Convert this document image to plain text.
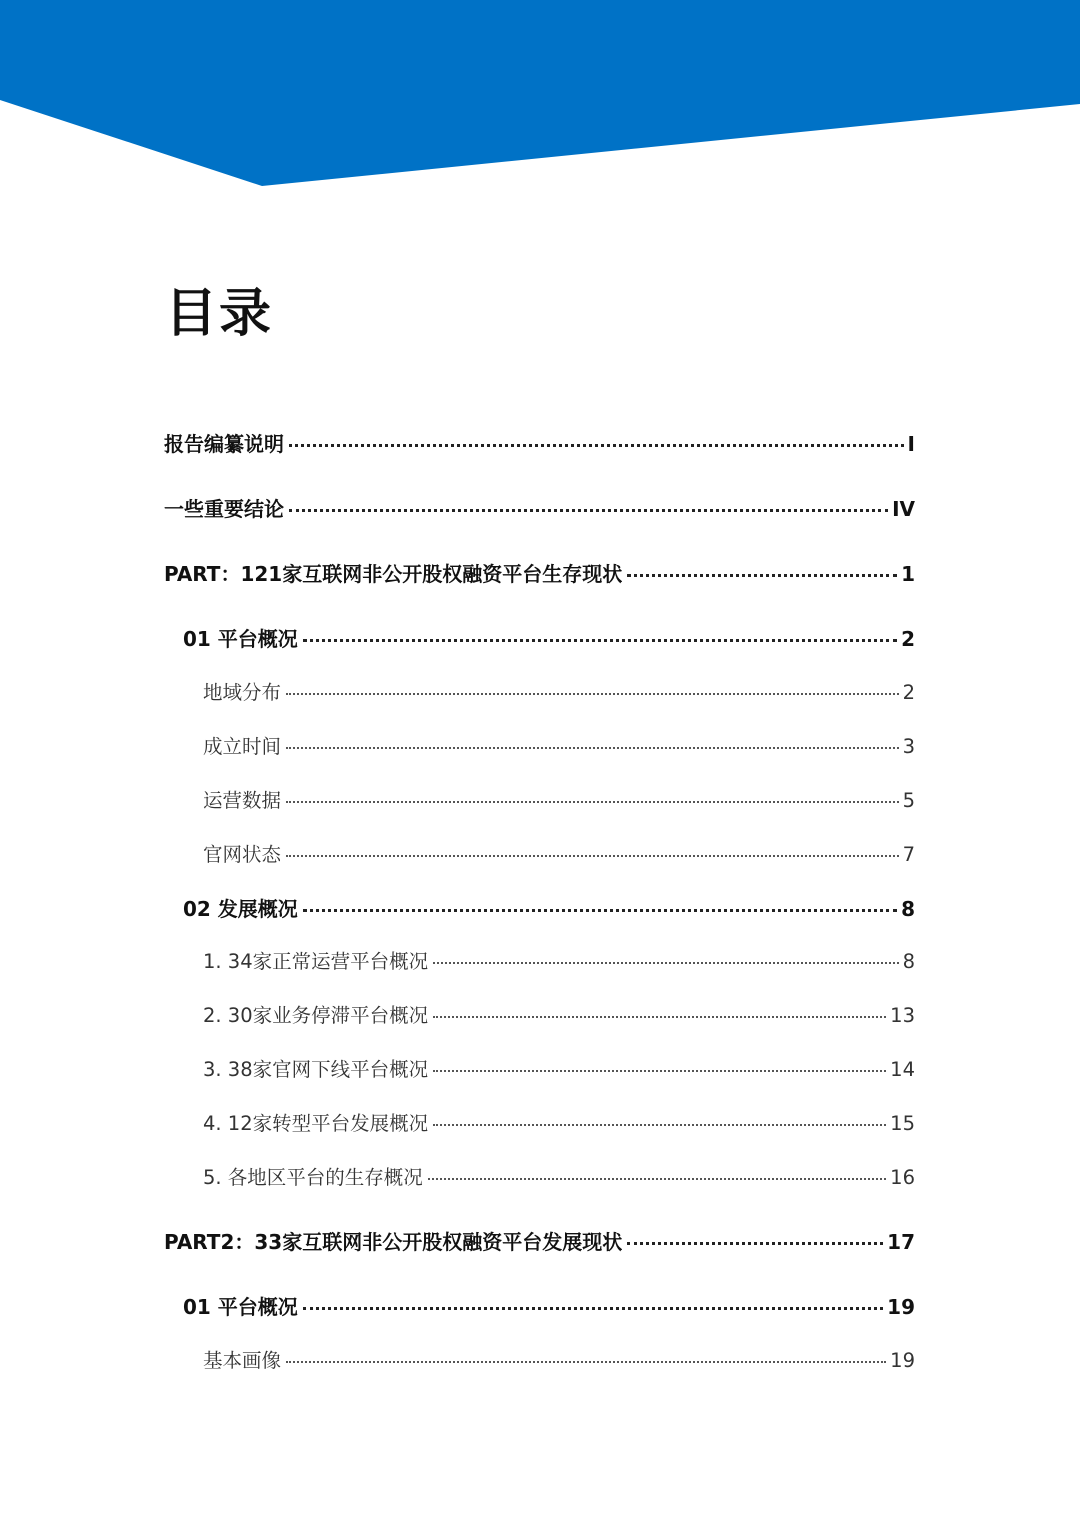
目录
报告编纂说明	I
一些重要结论	IV
PART：121家互联网非公开股权融资平台生存现状	1
01 平台概况	2
地域分布	2
成立时间	3
运营数据	5
官网状态	7
02 发展概况	8
1. 34家正常运营平台概况	8
2. 30家业务停滞平台概况	13
3. 38家官网下线平台概况	14
4. 12家转型平台发展概况	15
5. 各地区平台的生存概况	16
PART2：33家互联网非公开股权融资平台发展现状	17
01 平台概况	19
基本画像	19
